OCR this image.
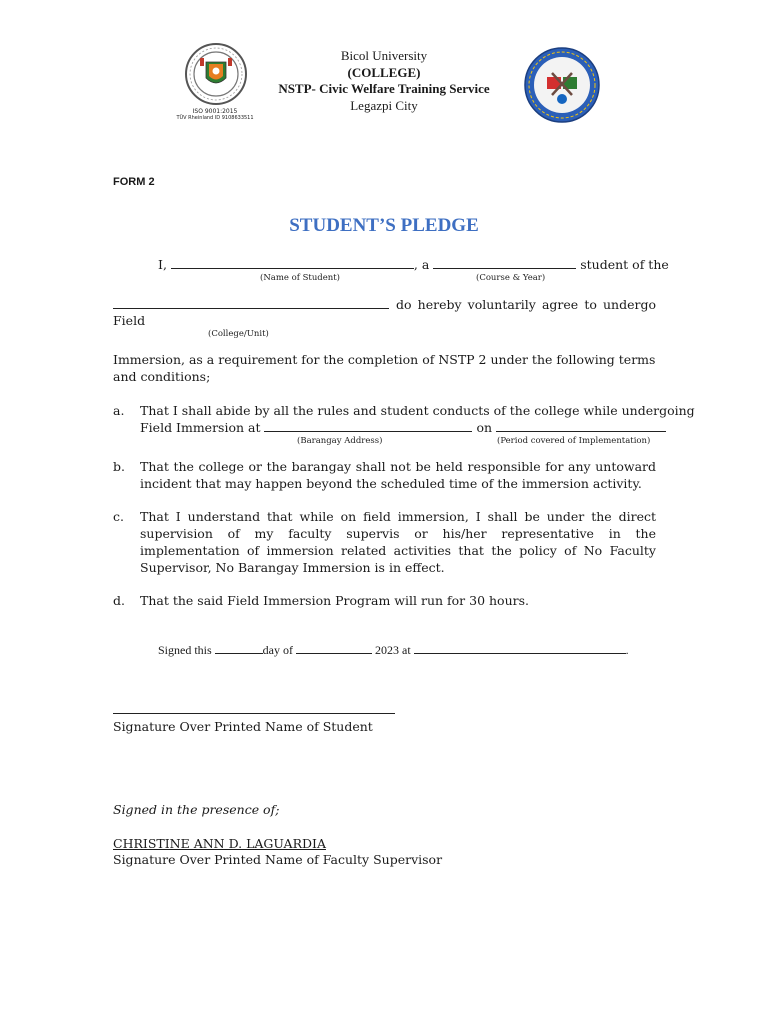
ISO 9001:2015
TÜV Rheinland ID 9108633511
Bicol University
(COLLEGE)
NSTP- Civic Welfare Training Service
Legazpi City
FORM 2
STUDENT’S PLEDGE
I,	, a	student of the
(Name of Student)	(Course & Year)
do hereby voluntarily agree to undergo
Field
(College/Unit)
Immersion, as a requirement for the completion of NSTP 2 under the following terms and conditions;
a. That I shall abide by all the rules and student conducts of the college while undergoing
Field Immersion at	on
(Barangay Address)	(Period covered of Implementation)
b. That the college or the barangay shall not be held responsible for any untoward incident that may happen beyond the scheduled time of the immersion activity.
c. That I understand that while on field immersion, I shall be under the direct supervision of my faculty supervis or his/her representative in the implementation of immersion related activities that the policy of No Faculty Supervisor, No Barangay Immersion is in effect.
d. That the said Field Immersion Program will run for 30 hours.
Signed this	day of	2023 at	.
Signature Over Printed Name of Student
Signed in the presence of;
CHRISTINE ANN D. LAGUARDIA
Signature Over Printed Name of Faculty Supervisor
